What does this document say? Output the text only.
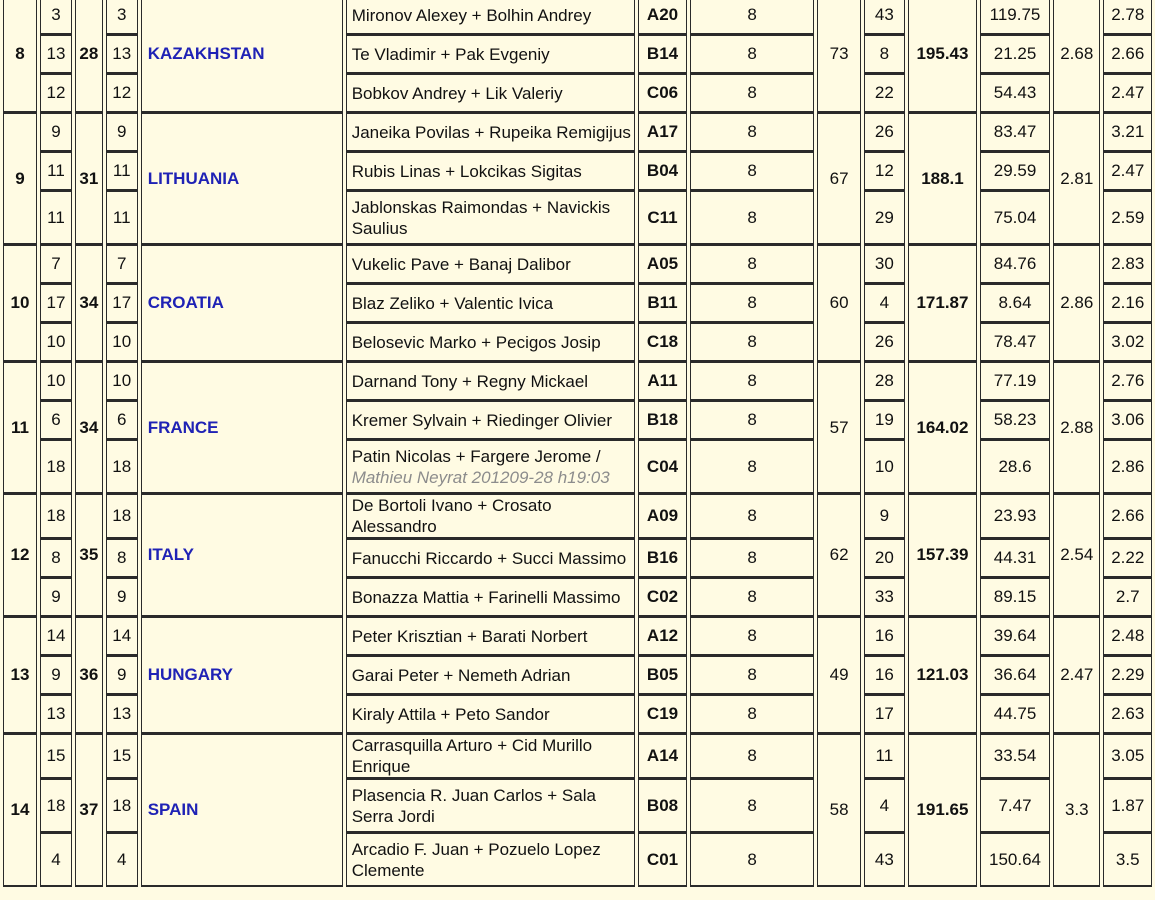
8	3	28	3	KAZAKHSTAN	Mironov Alexey + Bolhin Andrey	A20	8	73	43	195.43	119.75	2.68	2.78
	13		13		Te Vladimir + Pak Evgeniy	B14	8		8		21.25		2.66
	12		12		Bobkov Andrey + Lik Valeriy	C06	8		22		54.43		2.47
9	9	31	9	LITHUANIA	Janeika Povilas + Rupeika Remigijus	A17	8	67	26	188.1	83.47	2.81	3.21
	11		11		Rubis Linas + Lokcikas Sigitas	B04	8		12		29.59		2.47
	11		11		Jablonskas Raimondas + Navickis Saulius	C11	8		29		75.04		2.59
10	7	34	7	CROATIA	Vukelic Pave + Banaj Dalibor	A05	8	60	30	171.87	84.76	2.86	2.83
	17		17		Blaz Zeliko + Valentic Ivica	B11	8		4		8.64		2.16
	10		10		Belosevic Marko + Pecigos Josip	C18	8		26		78.47		3.02
11	10	34	10	FRANCE	Darnand Tony + Regny Mickael	A11	8	57	28	164.02	77.19	2.88	2.76
	6		6		Kremer Sylvain + Riedinger Olivier	B18	8		19		58.23		3.06
	18		18		Patin Nicolas + Fargere Jerome /
Mathieu Neyrat 201209-28 h19:03	C04	8		10		28.6		2.86
12	18	35	18	ITALY	De Bortoli Ivano + Crosato Alessandro	A09	8	62	9	157.39	23.93	2.54	2.66
	8		8		Fanucchi Riccardo + Succi Massimo	B16	8		20		44.31		2.22
	9		9		Bonazza Mattia + Farinelli Massimo	C02	8		33		89.15		2.7
13	14	36	14	HUNGARY	Peter Krisztian + Barati Norbert	A12	8	49	16	121.03	39.64	2.47	2.48
	9		9		Garai Peter + Nemeth Adrian	B05	8		16		36.64		2.29
	13		13		Kiraly Attila + Peto Sandor	C19	8		17		44.75		2.63
14	15	37	15	SPAIN	Carrasquilla Arturo + Cid Murillo Enrique	A14	8	58	11	191.65	33.54	3.3	3.05
	18		18		Plasencia R. Juan Carlos + Sala Serra Jordi	B08	8		4		7.47		1.87
	4		4		Arcadio F. Juan + Pozuelo Lopez Clemente	C01	8		43		150.64		3.5
